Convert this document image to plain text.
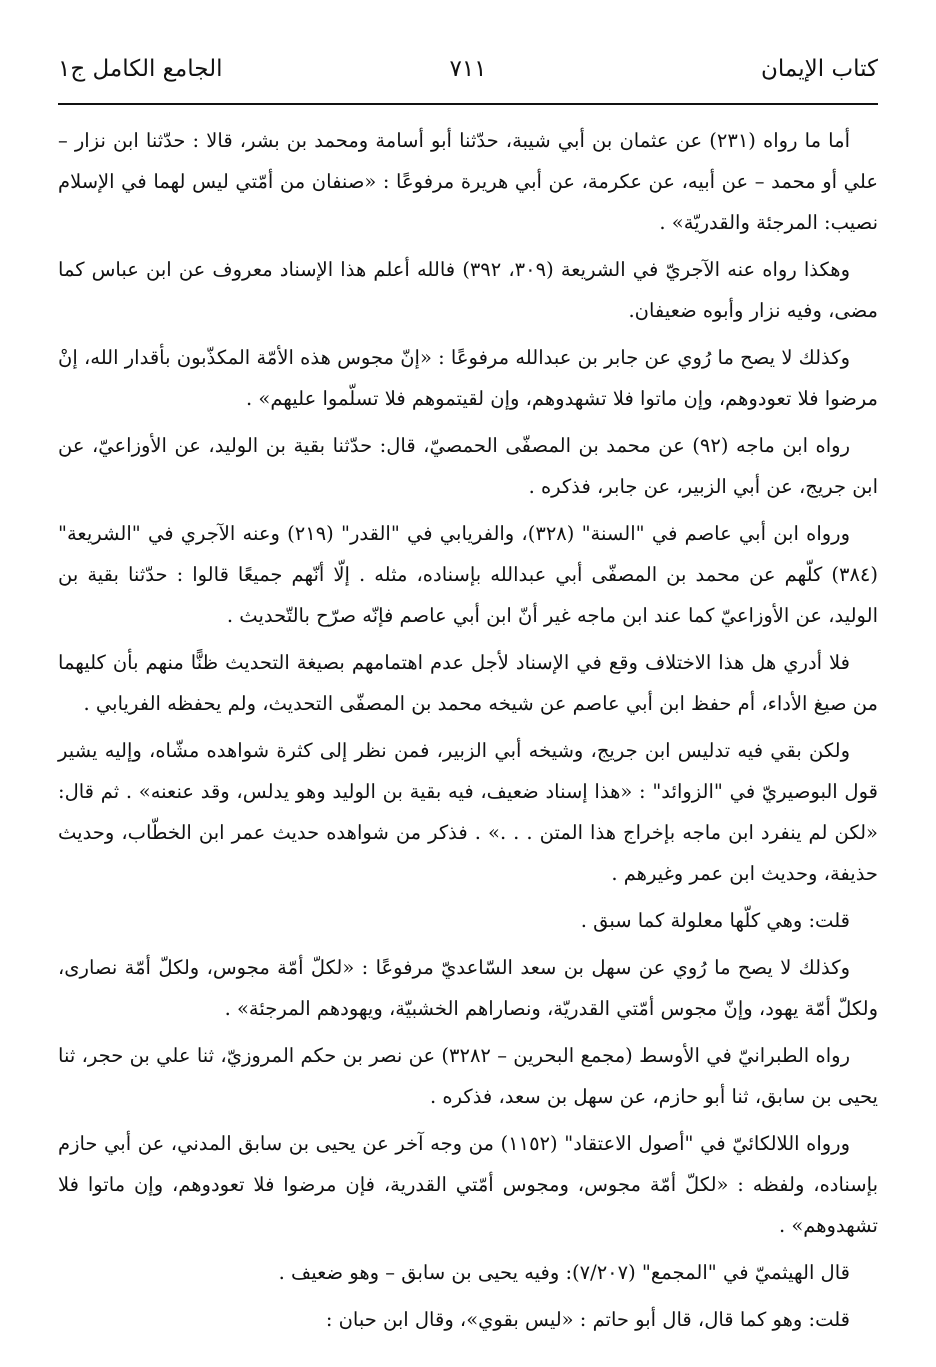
كتاب الإيمان
٧١١
الجامع الكامل ج١

أما ما رواه (٢٣١) عن عثمان بن أبي شيبة، حدّثنا أبو أسامة ومحمد بن بشر، قالا : حدّثنا ابن نزار – علي أو محمد – عن أبيه، عن عكرمة، عن أبي هريرة مرفوعًا : «صنفان من أمّتي ليس لهما في الإسلام نصيب: المرجئة والقدريّة» .

وهكذا رواه عنه الآجريّ في الشريعة (٣٠٩، ٣٩٢) فالله أعلم هذا الإسناد معروف عن ابن عباس كما مضى، وفيه نزار وأبوه ضعيفان.

وكذلك لا يصح ما رُوي عن جابر بن عبدالله مرفوعًا : «إنّ مجوس هذه الأمّة المكذّبون بأقدار الله، إنْ مرضوا فلا تعودوهم، وإن ماتوا فلا تشهدوهم، وإن لقيتموهم فلا تسلّموا عليهم» .

رواه ابن ماجه (٩٢) عن محمد بن المصفّى الحمصيّ، قال: حدّثنا بقية بن الوليد، عن الأوزاعيّ، عن ابن جريج، عن أبي الزبير، عن جابر، فذكره .

ورواه ابن أبي عاصم في "السنة" (٣٢٨)، والفريابي في "القدر" (٢١٩) وعنه الآجري في "الشريعة" (٣٨٤) كلّهم عن محمد بن المصفّى أبي عبدالله بإسناده، مثله . إلّا أنّهم جميعًا قالوا : حدّثنا بقية بن الوليد، عن الأوزاعيّ كما عند ابن ماجه غير أنّ ابن أبي عاصم فإنّه صرّح بالتّحديث .

فلا أدري هل هذا الاختلاف وقع في الإسناد لأجل عدم اهتمامهم بصيغة التحديث ظنًّا منهم بأن كليهما من صيغ الأداء، أم حفظ ابن أبي عاصم عن شيخه محمد بن المصفّى التحديث، ولم يحفظه الفريابي .

ولكن بقي فيه تدليس ابن جريج، وشيخه أبي الزبير، فمن نظر إلى كثرة شواهده مشّاه، وإليه يشير قول البوصيريّ في "الزوائد" : «هذا إسناد ضعيف، فيه بقية بن الوليد وهو يدلس، وقد عنعنه» . ثم قال: «لكن لم ينفرد ابن ماجه بإخراج هذا المتن . . .» . فذكر من شواهده حديث عمر ابن الخطّاب، وحديث حذيفة، وحديث ابن عمر وغيرهم .

قلت: وهي كلّها معلولة كما سبق .

وكذلك لا يصح ما رُوي عن سهل بن سعد السّاعديّ مرفوعًا : «لكلّ أمّة مجوس، ولكلّ أمّة نصارى، ولكلّ أمّة يهود، وإنّ مجوس أمّتي القدريّة، ونصاراهم الخشبيّة، ويهودهم المرجئة» .

رواه الطبرانيّ في الأوسط (مجمع البحرين – ٣٢٨٢) عن نصر بن حكم المروزيّ، ثنا علي بن حجر، ثنا يحيى بن سابق، ثنا أبو حازم، عن سهل بن سعد، فذكره .

ورواه اللالكائيّ في "أصول الاعتقاد" (١١٥٢) من وجه آخر عن يحيى بن سابق المدني، عن أبي حازم بإسناده، ولفظه : «لكلّ أمّة مجوس، ومجوس أمّتي القدرية، فإن مرضوا فلا تعودوهم، وإن ماتوا فلا تشهدوهم» .

قال الهيثميّ في "المجمع" (٧/٢٠٧): وفيه يحيى بن سابق – وهو ضعيف .

قلت: وهو كما قال، قال أبو حاتم : «ليس بقوي»، وقال ابن حبان :
